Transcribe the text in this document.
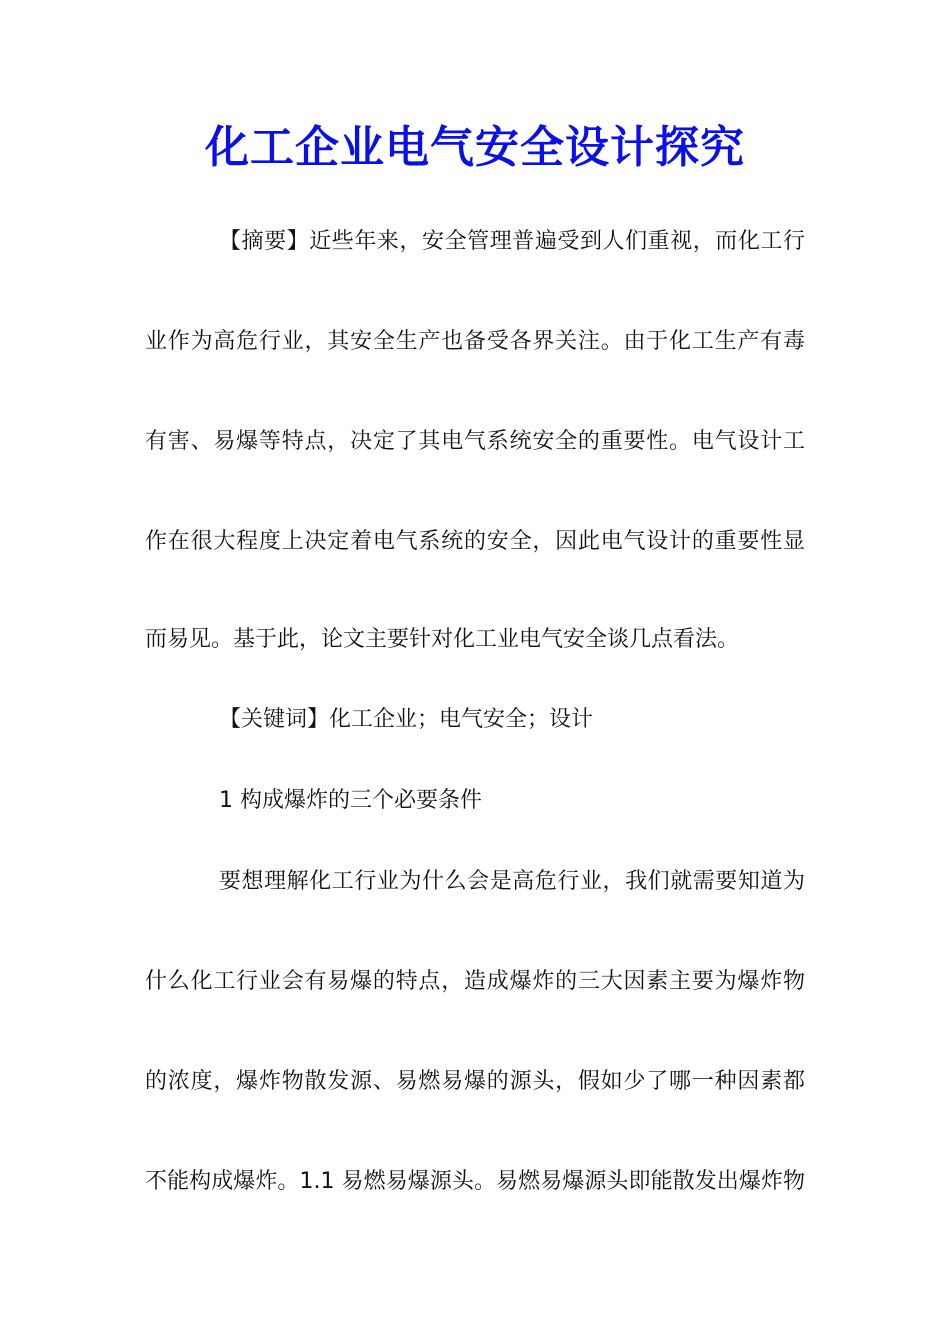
化工企业电气安全设计探究
【摘要】近些年来，安全管理普遍受到人们重视，而化工行
业作为高危行业，其安全生产也备受各界关注。由于化工生产有毒
有害、易爆等特点，决定了其电气系统安全的重要性。电气设计工
作在很大程度上决定着电气系统的安全，因此电气设计的重要性显
而易见。基于此，论文主要针对化工业电气安全谈几点看法。
【关键词】化工企业；电气安全；设计
1 构成爆炸的三个必要条件
要想理解化工行业为什么会是高危行业，我们就需要知道为
什么化工行业会有易爆的特点，造成爆炸的三大因素主要为爆炸物
的浓度，爆炸物散发源、易燃易爆的源头，假如少了哪一种因素都
不能构成爆炸。1.1 易燃易爆源头。易燃易爆源头即能散发出爆炸物
